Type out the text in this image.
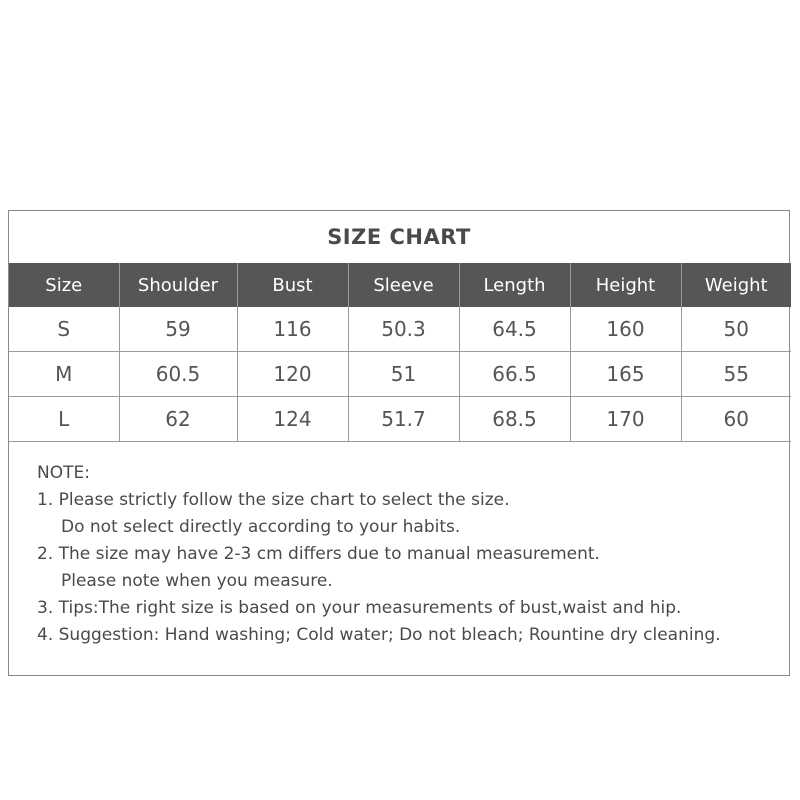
SIZE CHART
Size	Shoulder	Bust	Sleeve	Length	Height	Weight
S	59	116	50.3	64.5	160	50
M	60.5	120	51	66.5	165	55
L	62	124	51.7	68.5	170	60
NOTE:
1. Please strictly follow the size chart to select the size.
Do not select directly according to your habits.
2. The size may have 2-3 cm differs due to manual measurement.
Please note when you measure.
3. Tips:The right size is based on your measurements of bust,waist and hip.
4. Suggestion: Hand washing; Cold water; Do not bleach; Rountine dry cleaning.
